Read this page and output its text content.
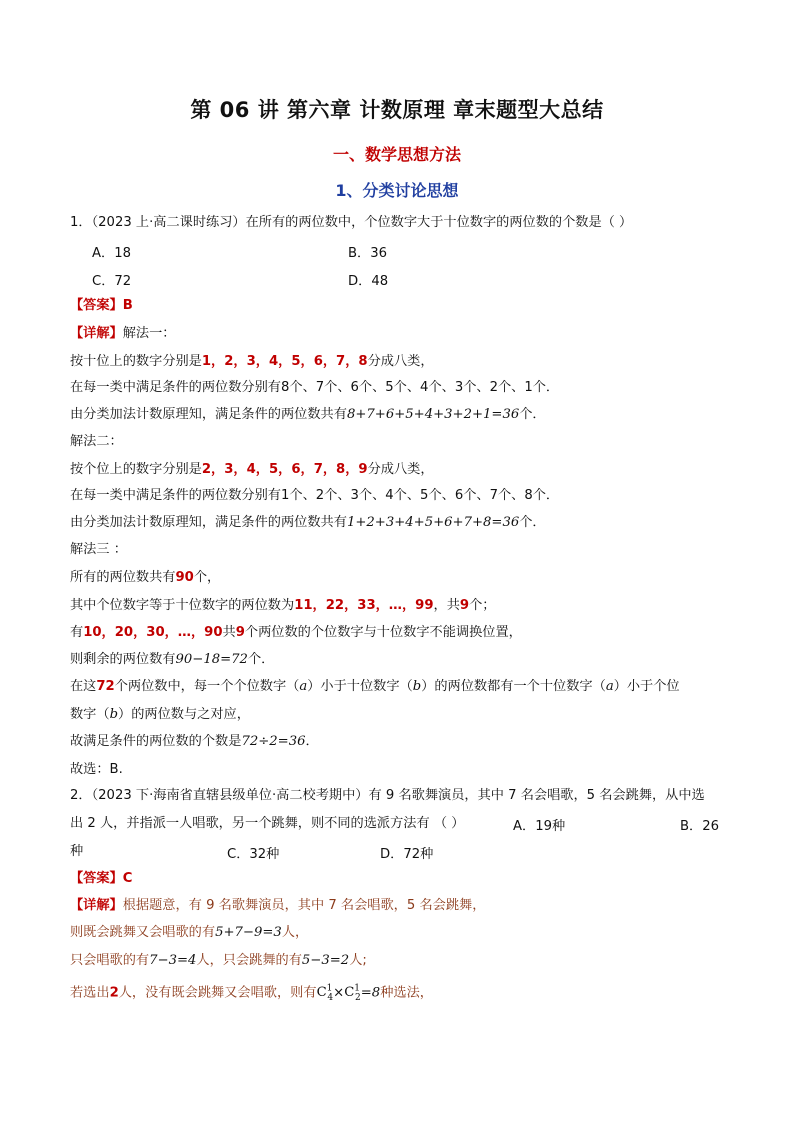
第 06 讲 第六章 计数原理 章末题型大总结
一、数学思想方法
1、分类讨论思想
1．（2023 上·高二课时练习）在所有的两位数中，个位数字大于十位数字的两位数的个数是（ ）
A．18	B．36
C．72	D．48
【答案】B
【详解】解法一：
按十位上的数字分别是1，2，3，4，5，6，7，8分成八类，
在每一类中满足条件的两位数分别有8个、7个、6个、5个、4个、3个、2个、1个．
由分类加法计数原理知，满足条件的两位数共有8+7+6+5+4+3+2+1=36个．
解法二：
按个位上的数字分别是2，3，4，5，6，7，8，9分成八类，
在每一类中满足条件的两位数分别有1个、2个、3个、4个、5个、6个、7个、8个．
由分类加法计数原理知，满足条件的两位数共有1+2+3+4+5+6+7+8=36个．
解法三 ：
所有的两位数共有90个，
其中个位数字等于十位数字的两位数为11，22，33，…，99，共9个；
有10，20，30，…，90共9个两位数的个位数字与十位数字不能调换位置，
则剩余的两位数有90−18=72个．
在这72个两位数中，每一个个位数字（a）小于十位数字（b）的两位数都有一个十位数字（a）小于个位
数字（b）的两位数与之对应，
故满足条件的两位数的个数是72÷2=36．
故选：B.
2．（2023 下·海南省直辖县级单位·高二校考期中）有 9 名歌舞演员，其中 7 名会唱歌，5 名会跳舞，从中选
出 2 人，并指派一人唱歌，另一个跳舞，则不同的选派方法有 （ ）	A．19种	B．26
种	C．32种	D．72种
【答案】C
【详解】根据题意，有 9 名歌舞演员，其中 7 名会唱歌，5 名会跳舞，
则既会跳舞又会唱歌的有5+7−9=3人，
只会唱歌的有7−3=4人，只会跳舞的有5−3=2人;
若选出2人，没有既会跳舞又会唱歌，则有$C^1_4\times C^1_2=8$种选法，
